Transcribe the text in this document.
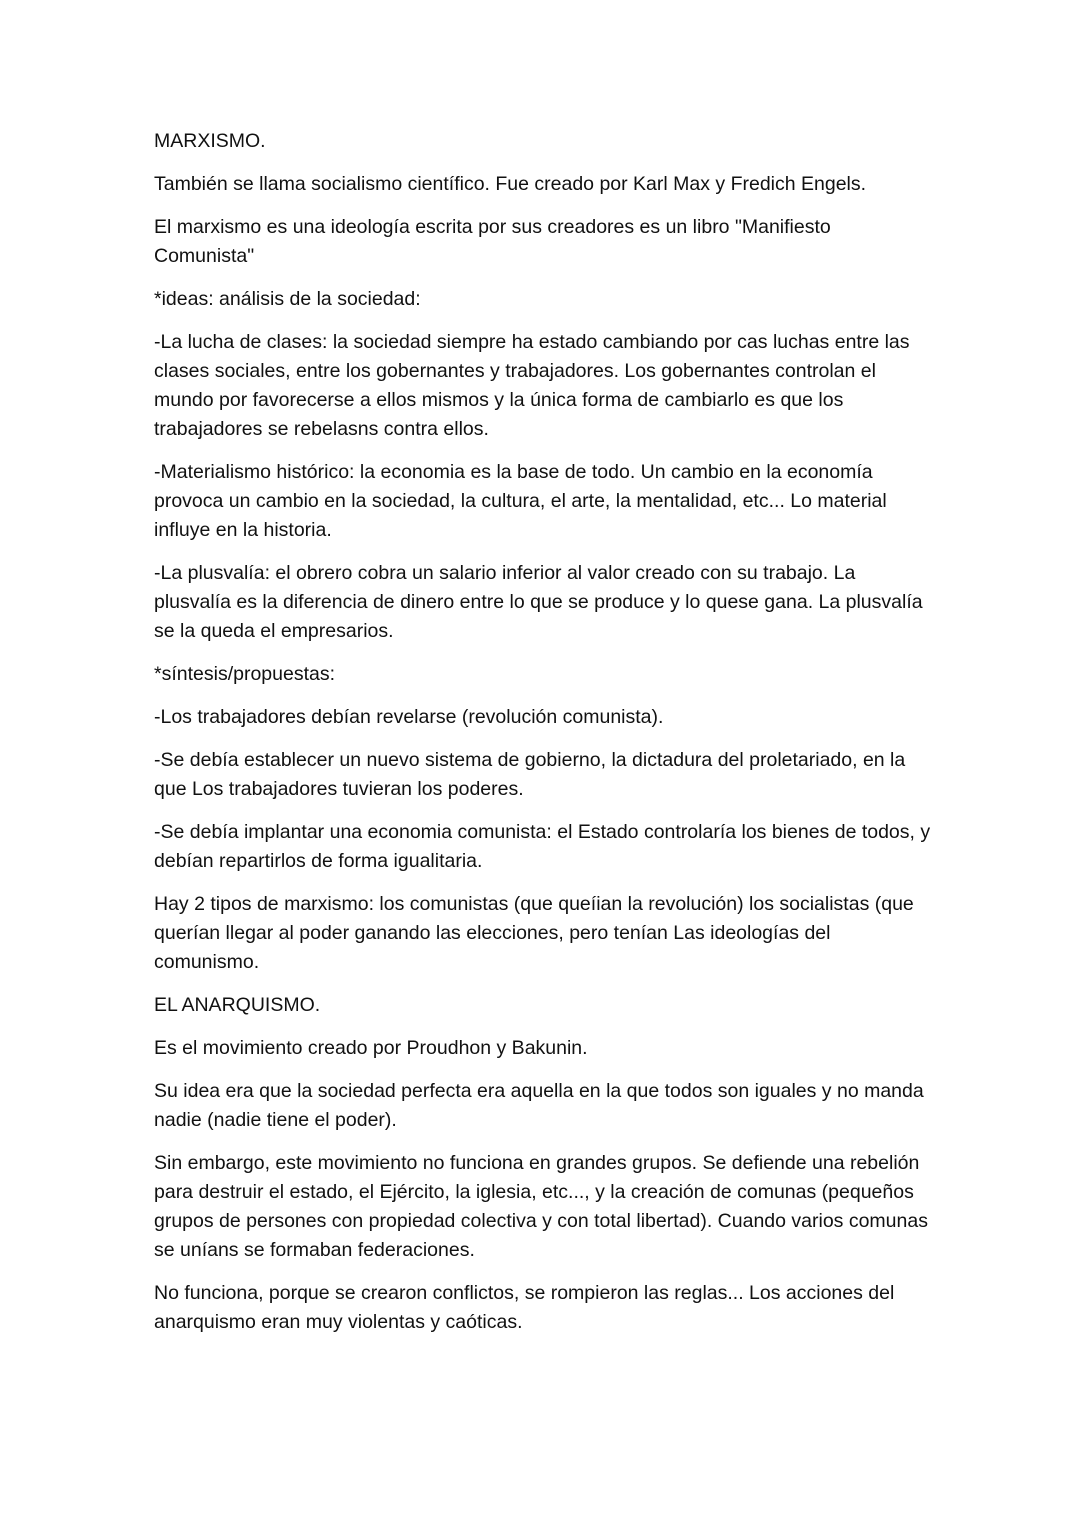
MARXISMO.

También se llama socialismo científico. Fue creado por Karl Max y Fredich Engels.

El marxismo es una ideología escrita por sus creadores es un libro "Manifiesto Comunista"

*ideas: análisis de la sociedad:

-La lucha de clases: la sociedad siempre ha estado cambiando por cas luchas entre las clases sociales, entre los gobernantes y trabajadores. Los gobernantes controlan el mundo por favorecerse a ellos mismos y la única forma de cambiarlo es que los trabajadores se rebelasns contra ellos.

-Materialismo histórico: la economia es la base de todo. Un cambio en la economía provoca un cambio en la sociedad, la cultura, el arte, la mentalidad, etc... Lo material influye en la historia.

-La plusvalía: el obrero cobra un salario inferior al valor creado con su trabajo. La plusvalía es la diferencia de dinero entre lo que se produce y lo quese gana. La plusvalía se la queda el empresarios.

*síntesis/propuestas:

-Los trabajadores debían revelarse (revolución comunista).

-Se debía establecer un nuevo sistema de gobierno, la dictadura del proletariado, en la que Los trabajadores tuvieran los poderes.

-Se debía implantar una economia comunista: el Estado controlaría los bienes de todos, y debían repartirlos de forma igualitaria.

Hay 2 tipos de marxismo: los comunistas (que queíian la revolución) los socialistas (que querían llegar al poder ganando las elecciones, pero tenían Las ideologías del comunismo.

EL ANARQUISMO.

Es el movimiento creado por Proudhon y Bakunin.

Su idea era que la sociedad perfecta era aquella en la que todos son iguales y no manda nadie (nadie tiene el poder).

Sin embargo, este movimiento no funciona en grandes grupos. Se defiende una rebelión para destruir el estado, el Ejército, la iglesia, etc..., y la creación de comunas (pequeños grupos de persones con propiedad colectiva y con total libertad). Cuando varios comunas se uníans se formaban federaciones.

No funciona, porque se crearon conflictos, se rompieron las reglas... Los acciones del anarquismo eran muy violentas y caóticas.
